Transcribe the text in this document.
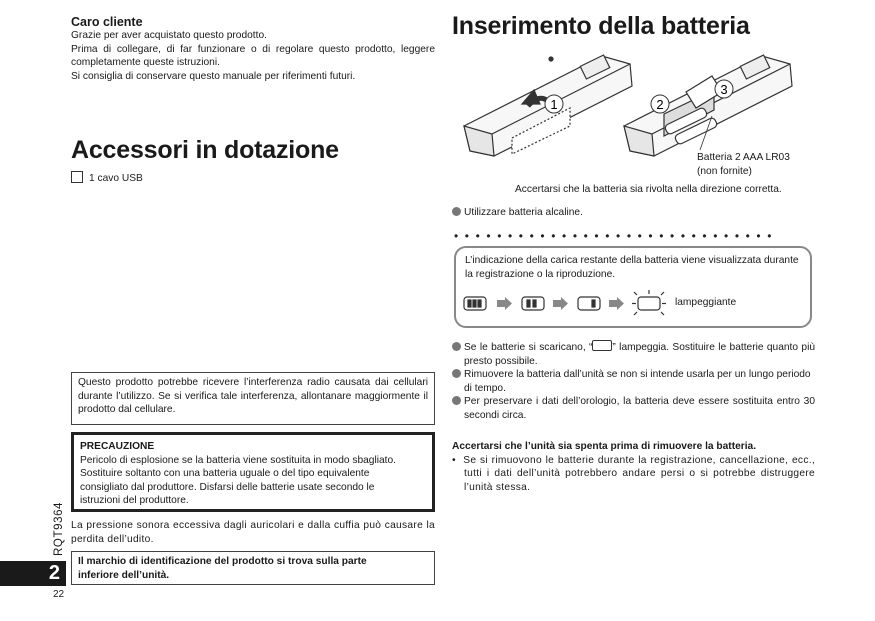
Caro cliente

Grazie per aver acquistato questo prodotto.

Prima di collegare, di far funzionare o di regolare questo prodotto, leggere completamente queste istruzioni.

Si consiglia di conservare questo manuale per riferimenti futuri.

Accessori in dotazione
1 cavo USB

Questo prodotto potrebbe ricevere l’interferenza radio causata dai cellulari durante l’utilizzo. Se si verifica tale interferenza, allontanare maggiormente il prodotto dal cellulare.

PRECAUZIONE

Pericolo di esplosione se la batteria viene sostituita in modo sbagliato. Sostituire soltanto con una batteria uguale o del tipo equivalente consigliato dal produttore. Disfarsi delle batterie usate secondo le istruzioni del produttore.

La pressione sonora eccessiva dagli auricolari e dalla cuffia può causare la perdita dell’udito.

Il marchio di identificazione del prodotto si trova sulla parte inferiore dell’unità.

RQT9364
2
22
Inserimento della batteria
1	2
3
Batteria 2 AAA LR03
(non fornite)
Accertarsi che la batteria sia rivolta nella direzione corretta.
Utilizzare batteria alcaline.
••••••••••••••••••••••••••••••

L’indicazione della carica restante della batteria viene visualizzata durante la registrazione o la riproduzione.

lampeggiante

Se le batterie si scaricano, “ ” lampeggia. Sostituire le batterie quanto più presto possibile.

Rimuovere la batteria dall’unità se non si intende usarla per un lungo periodo di tempo.

Per preservare i dati dell’orologio, la batteria deve essere sostituita entro 30 secondi circa.

Accertarsi che l’unità sia spenta prima di rimuovere la batteria.

•  Se si rimuovono le batterie durante la registrazione, cancellazione, ecc., tutti i dati dell’unità potrebbero andare persi o si potrebbe distruggere l’unità stessa.
